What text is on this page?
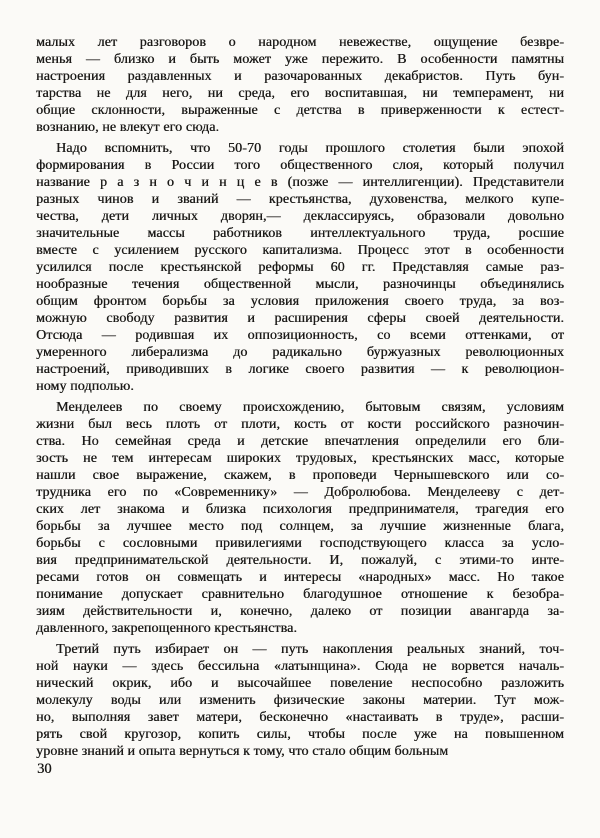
малых лет разговоров о народном невежестве, ощущение безвре-
менья — близко и быть может уже пережито. В особенности памятны
настроения раздавленных и разочарованных декабристов. Путь бун-
тарства не для него, ни среда, его воспитавшая, ни темперамент, ни
общие склонности, выраженные с детства в приверженности к естест-
вознанию, не влекут его сюда.
Надо вспомнить, что 50-70 годы прошлого столетия были эпохой
формирования в России того общественного слоя, который получил
название р а з н о ч и н ц е в (позже — интеллигенции). Представители
разных чинов и званий — крестьянства, духовенства, мелкого купе-
чества, дети личных дворян,— деклассируясь, образовали довольно
значительные массы работников интеллектуального труда, росшие
вместе с усилением русского капитализма. Процесс этот в особенности
усилился после крестьянской реформы 60 гг. Представляя самые раз-
нообразные течения общественной мысли, разночинцы объединялись
общим фронтом борьбы за условия приложения своего труда, за воз-
можную свободу развития и расширения сферы своей деятельности.
Отсюда — родившая их оппозиционность, со всеми оттенками, от
умеренного либерализма до радикально буржуазных революционных
настроений, приводивших в логике своего развития — к революцион-
ному подполью.
Менделеев по своему происхождению, бытовым связям, условиям
жизни был весь плоть от плоти, кость от кости российского разночин-
ства. Но семейная среда и детские впечатления определили его бли-
зость не тем интересам широких трудовых, крестьянских масс, которые
нашли свое выражение, скажем, в проповеди Чернышевского или со-
трудника его по «Современнику» — Добролюбова. Менделееву с дет-
ских лет знакома и близка психология предпринимателя, трагедия его
борьбы за лучшее место под солнцем, за лучшие жизненные блага,
борьбы с сословными привилегиями господствующего класса за усло-
вия предпринимательской деятельности. И, пожалуй, с этими-то инте-
ресами готов он совмещать и интересы «народных» масс. Но такое
понимание допускает сравнительно благодушное отношение к безобра-
зиям действительности и, конечно, далеко от позиции авангарда за-
давленного, закрепощенного крестьянства.
Третий путь избирает он — путь накопления реальных знаний, точ-
ной науки — здесь бессильна «латынщина». Сюда не ворвется началь-
нический окрик, ибо и высочайшее повеление неспособно разложить
молекулу воды или изменить физические законы материи. Тут мож-
но, выполняя завет матери, бесконечно «настаивать в труде», расши-
рять свой кругозор, копить силы, чтобы после уже на повышенном
уровне знаний и опыта вернуться к тому, что стало общим больным
30
